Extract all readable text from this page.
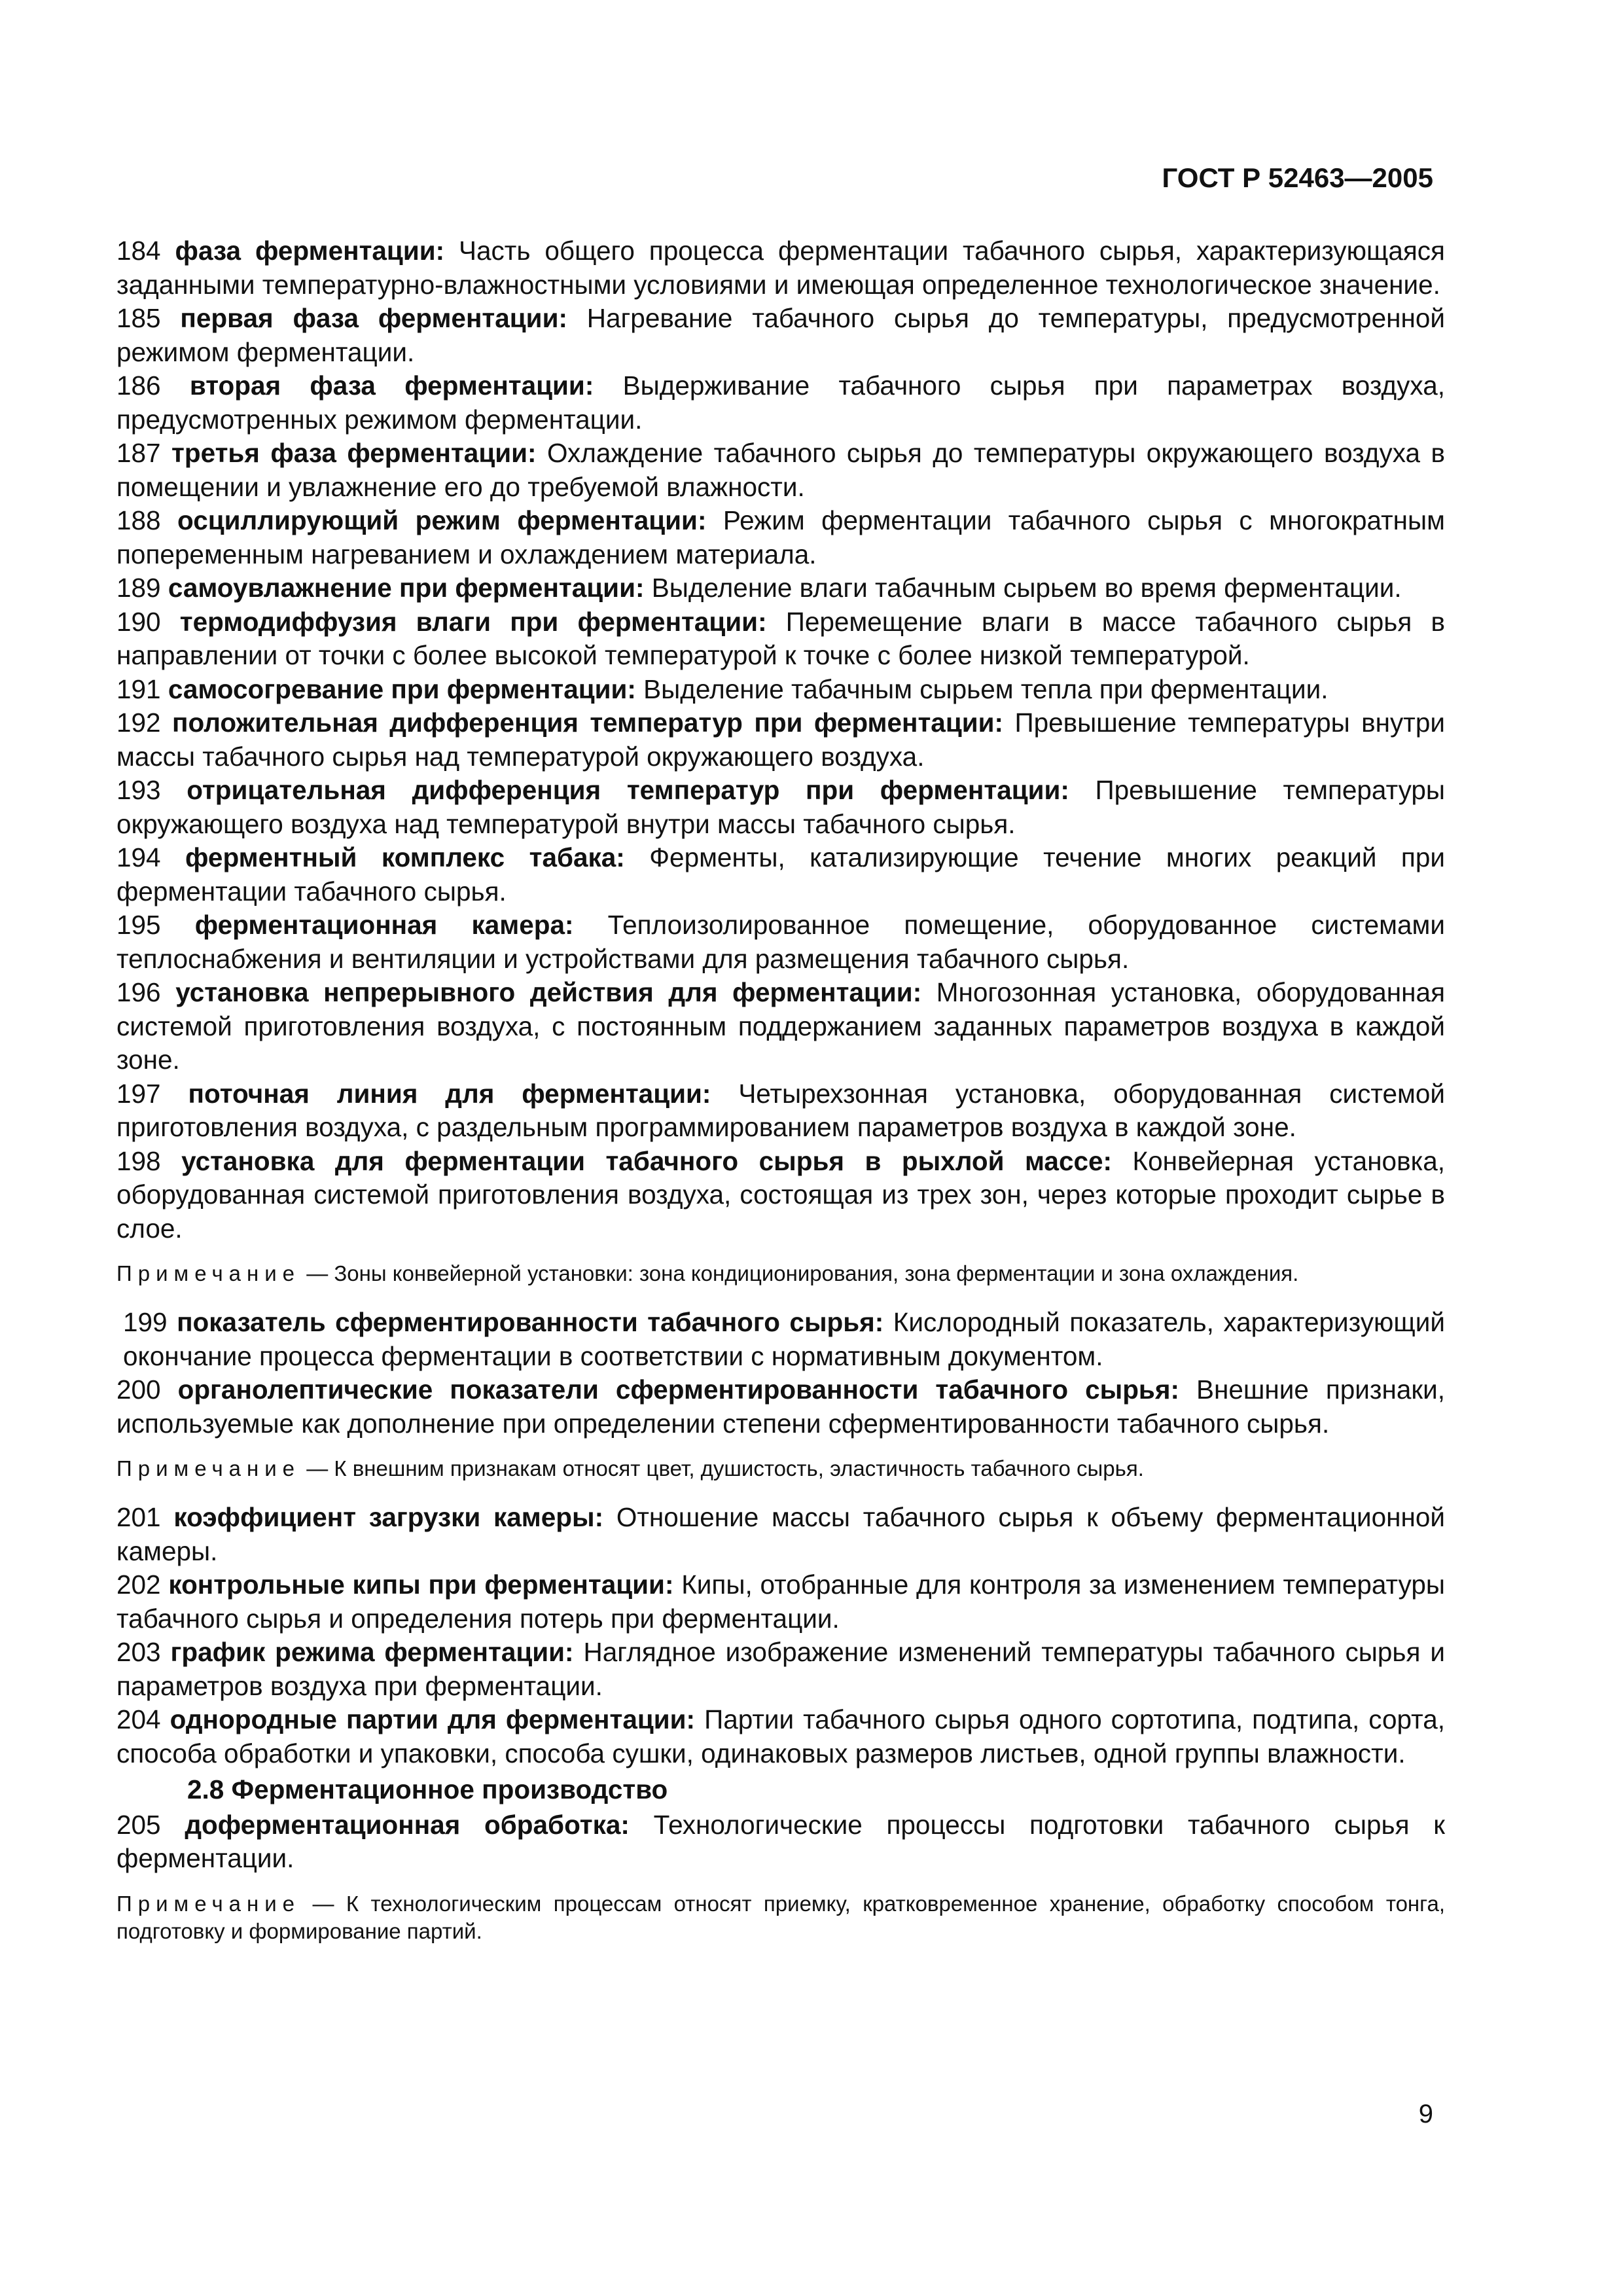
ГОСТ Р 52463—2005

184 фаза ферментации: Часть общего процесса ферментации табачного сырья, характеризующаяся заданными температурно-влажностными условиями и имеющая определенное технологическое значение.

185 первая фаза ферментации: Нагревание табачного сырья до температуры, предусмотренной режимом ферментации.

186 вторая фаза ферментации: Выдерживание табачного сырья при параметрах воздуха, предусмотренных режимом ферментации.

187 третья фаза ферментации: Охлаждение табачного сырья до температуры окружающего воздуха в помещении и увлажнение его до требуемой влажности.

188 осциллирующий режим ферментации: Режим ферментации табачного сырья с многократным попеременным нагреванием и охлаждением материала.

189 самоувлажнение при ферментации: Выделение влаги табачным сырьем во время ферментации.

190 термодиффузия влаги при ферментации: Перемещение влаги в массе табачного сырья в направлении от точки с более высокой температурой к точке с более низкой температурой.

191 самосогревание при ферментации: Выделение табачным сырьем тепла при ферментации.

192 положительная дифференция температур при ферментации: Превышение температуры внутри массы табачного сырья над температурой окружающего воздуха.

193 отрицательная дифференция температур при ферментации: Превышение температуры окружающего воздуха над температурой внутри массы табачного сырья.

194 ферментный комплекс табака: Ферменты, катализирующие течение многих реакций при ферментации табачного сырья.

195 ферментационная камера: Теплоизолированное помещение, оборудованное системами теплоснабжения и вентиляции и устройствами для размещения табачного сырья.

196 установка непрерывного действия для ферментации: Многозонная установка, оборудованная системой приготовления воздуха, с постоянным поддержанием заданных параметров воздуха в каждой зоне.

197 поточная линия для ферментации: Четырехзонная установка, оборудованная системой приготовления воздуха, с раздельным программированием параметров воздуха в каждой зоне.

198 установка для ферментации табачного сырья в рыхлой массе: Конвейерная установка, оборудованная системой приготовления воздуха, состоящая из трех зон, через которые проходит сырье в слое.

Примечание — Зоны конвейерной установки: зона кондиционирования, зона ферментации и зона охлаждения.

199 показатель сферментированности табачного сырья: Кислородный показатель, характеризующий окончание процесса ферментации в соответствии с нормативным документом.

200 органолептические показатели сферментированности табачного сырья: Внешние признаки, используемые как дополнение при определении степени сферментированности табачного сырья.

Примечание — К внешним признакам относят цвет, душистость, эластичность табачного сырья.

201 коэффициент загрузки камеры: Отношение массы табачного сырья к объему ферментационной камеры.

202 контрольные кипы при ферментации: Кипы, отобранные для контроля за изменением температуры табачного сырья и определения потерь при ферментации.

203 график режима ферментации: Наглядное изображение изменений температуры табачного сырья и параметров воздуха при ферментации.

204 однородные партии для ферментации: Партии табачного сырья одного сортотипа, подтипа, сорта, способа обработки и упаковки, способа сушки, одинаковых размеров листьев, одной группы влажности.

2.8 Ферментационное производство

205 доферментационная обработка: Технологические процессы подготовки табачного сырья к ферментации.

Примечание — К технологическим процессам относят приемку, кратковременное хранение, обработку способом тонга, подготовку и формирование партий.

9
